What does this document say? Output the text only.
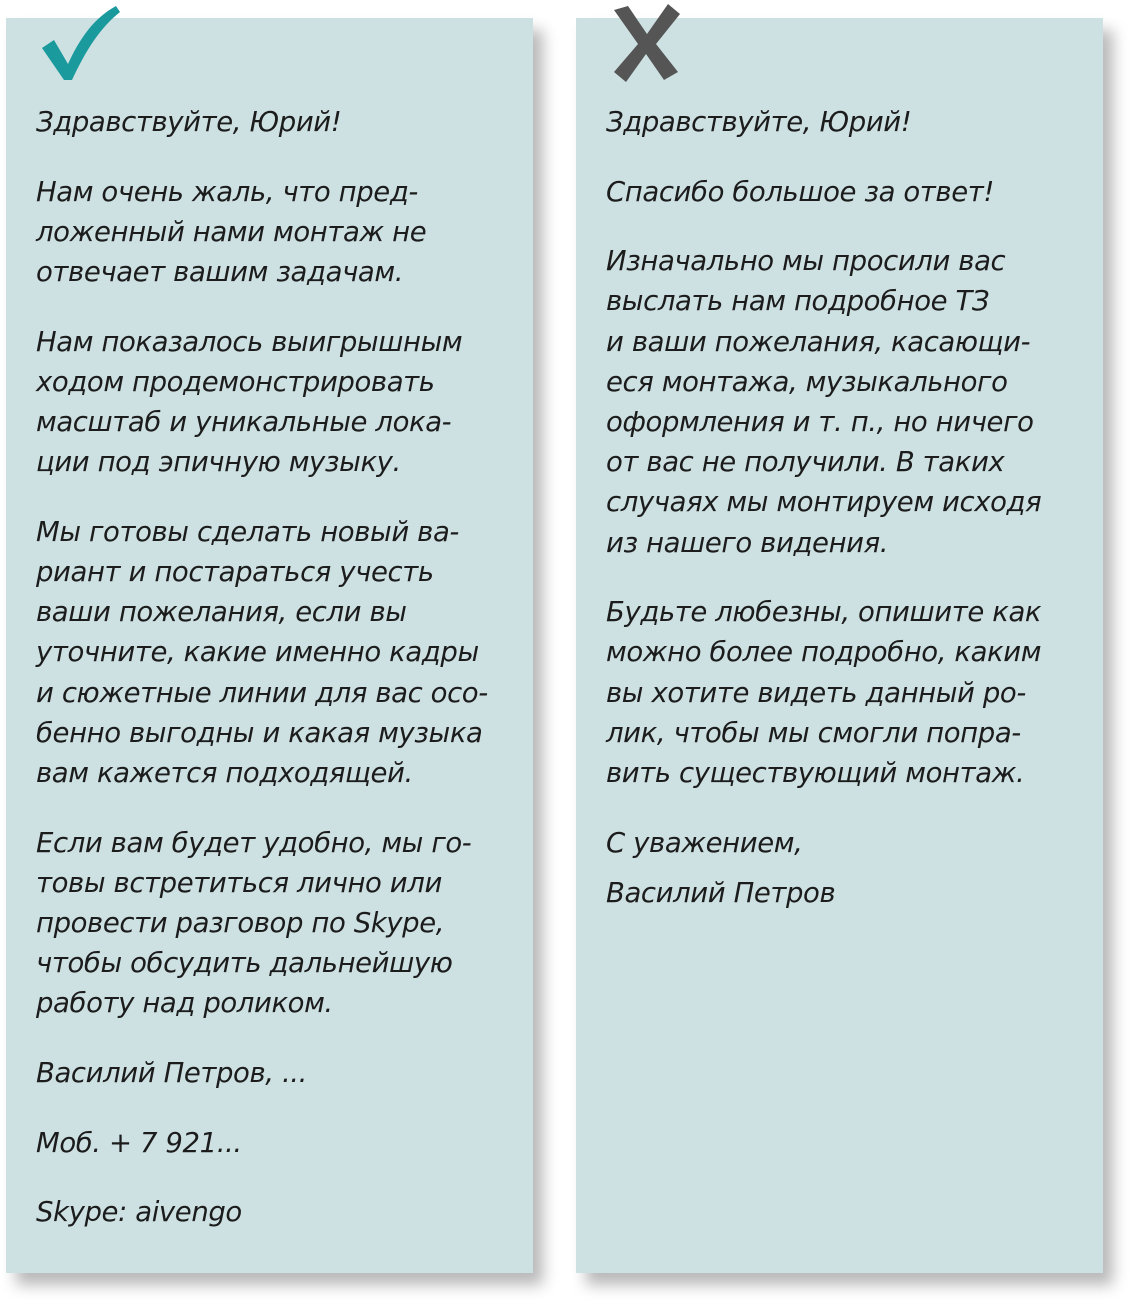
Здравствуйте, Юрий!
Нам очень жаль, что пред-
ложенный нами монтаж не
отвечает вашим задачам.
Нам показалось выигрышным
ходом продемонстрировать
масштаб и уникальные лока-
ции под эпичную музыку.
Мы готовы сделать новый ва-
риант и постараться учесть
ваши пожелания, если вы
уточните, какие именно кадры
и сюжетные линии для вас осо-
бенно выгодны и какая музыка
вам кажется подходящей.
Если вам будет удобно, мы го-
товы встретиться лично или
провести разговор по Skype,
чтобы обсудить дальнейшую
работу над роликом.
Василий Петров, ...
Моб. + 7 921...
Skype: aivengo
Здравствуйте, Юрий!
Спасибо большое за ответ!
Изначально мы просили вас
выслать нам подробное ТЗ
и ваши пожелания, касающи-
еся монтажа, музыкального
оформления и т. п., но ничего
от вас не получили. В таких
случаях мы монтируем исходя
из нашего видения.
Будьте любезны, опишите как
можно более подробно, каким
вы хотите видеть данный ро-
лик, чтобы мы смогли попра-
вить существующий монтаж.
С уважением,
Василий Петров
